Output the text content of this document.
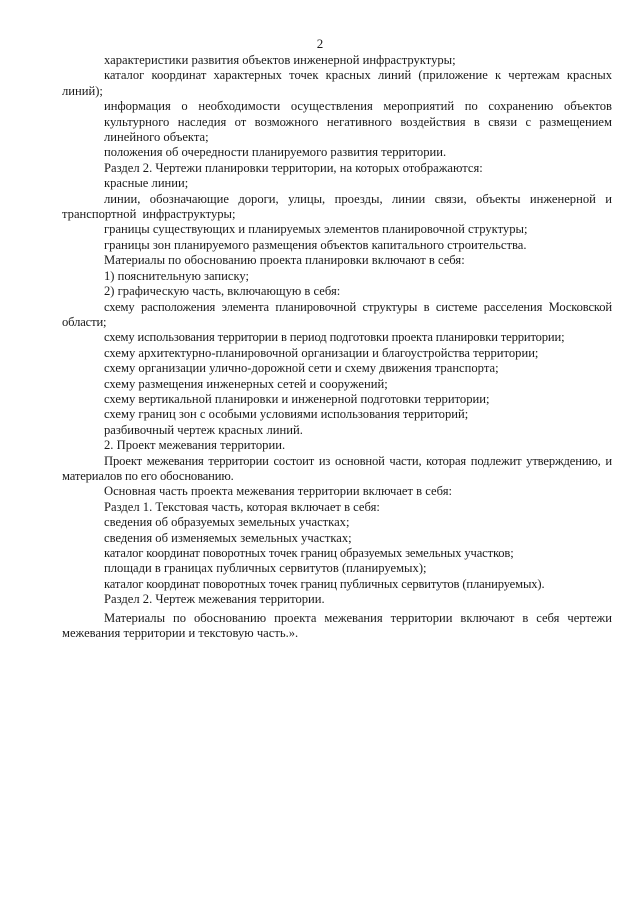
2

характеристики развития объектов инженерной инфраструктуры;

каталог координат характерных точек красных линий (приложение к чертежам красных линий);

информация о необходимости осуществления мероприятий по сохранению объектов культурного наследия от возможного негативного воздействия в связи с размещением линейного объекта;

положения об очередности планируемого развития территории.

Раздел 2. Чертежи планировки территории, на которых отображаются:

красные линии;

линии, обозначающие дороги, улицы, проезды, линии связи, объекты инженерной и транспортной инфраструктуры;

границы существующих и планируемых элементов планировочной структуры;

границы зон планируемого размещения объектов капитального строительства.

Материалы по обоснованию проекта планировки включают в себя:

1) пояснительную записку;

2) графическую часть, включающую в себя:

схему расположения элемента планировочной структуры в системе расселения Московской области;

схему использования территории в период подготовки проекта планировки территории;

схему архитектурно-планировочной организации и благоустройства территории;

схему организации улично-дорожной сети и схему движения транспорта;

схему размещения инженерных сетей и сооружений;

схему вертикальной планировки и инженерной подготовки территории;

схему границ зон с особыми условиями использования территорий;

разбивочный чертеж красных линий.

2. Проект межевания территории.

Проект межевания территории состоит из основной части, которая подлежит утверждению, и материалов по его обоснованию.

Основная часть проекта межевания территории включает в себя:

Раздел 1. Текстовая часть, которая включает в себя:

сведения об образуемых земельных участках;

сведения об изменяемых земельных участках;

каталог координат поворотных точек границ образуемых земельных участков;

площади в границах публичных сервитутов (планируемых);

каталог координат поворотных точек границ публичных сервитутов (планируемых).

Раздел 2. Чертеж межевания территории.

Материалы по обоснованию проекта межевания территории включают в себя чертежи межевания территории и текстовую часть.».
